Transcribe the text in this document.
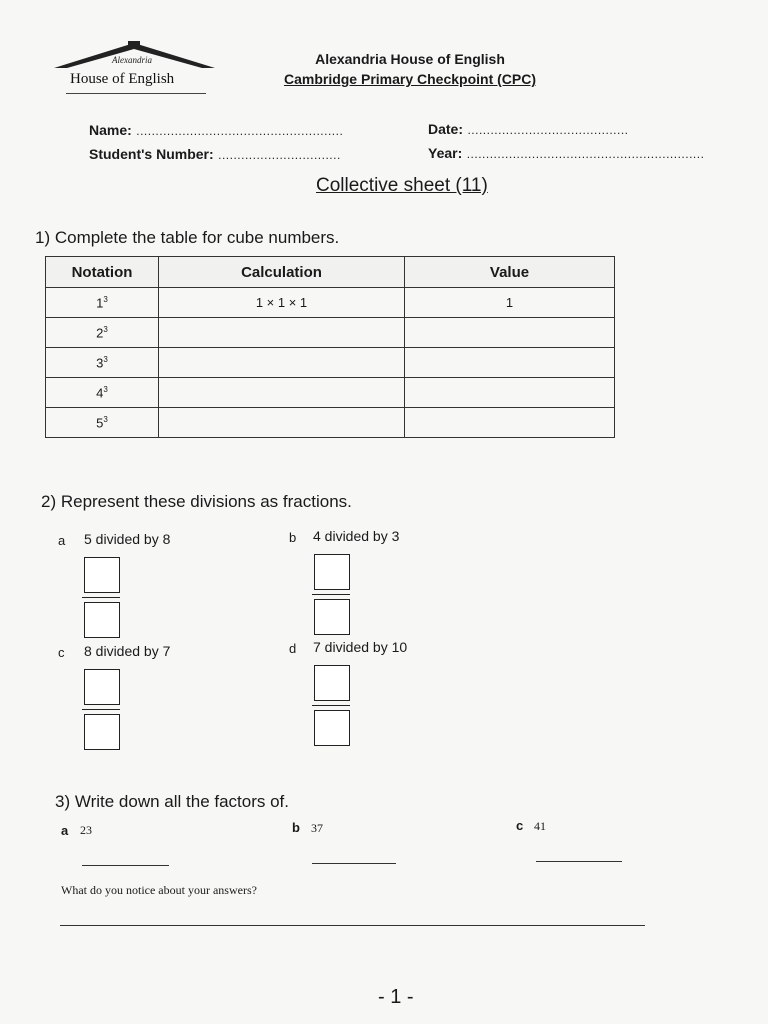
Alexandria
House of English
Alexandria House of English
Cambridge Primary Checkpoint (CPC)
Name: ......................................................	Date: ..........................................
Student's Number: ................................	Year: ..............................................................
Collective sheet (11)
1) Complete the table for cube numbers.
Notation	Calculation	Value
$1^3$	1 × 1 × 1	1
$2^3$		
$3^3$		
$4^3$		
$5^3$		
2) Represent these divisions as fractions.
a 5 divided by 8	b 4 divided by 3
c 8 divided by 7	d 7 divided by 10
3) Write down all the factors of.
a 23	b 37	c 41
What do you notice about your answers?
- 1 -
